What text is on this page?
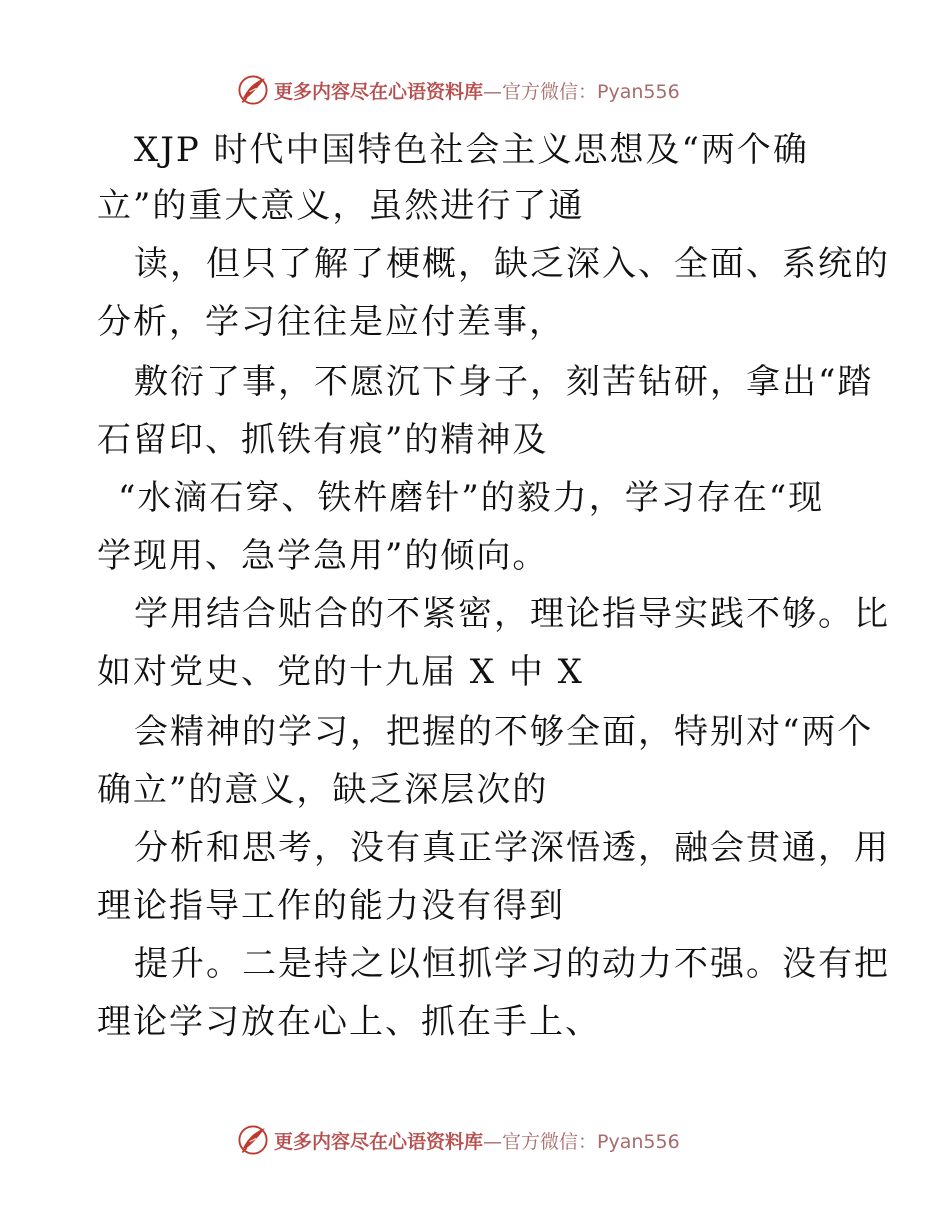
更多内容尽在心语资料库—官方微信：Pyan556
XJP 时代中国特色社会主义思想及“两个确
立”的重大意义，虽然进行了通
读，但只了解了梗概，缺乏深入、全面、系统的
分析，学习往往是应付差事，
敷衍了事，不愿沉下身子，刻苦钻研，拿出“踏
石留印、抓铁有痕”的精神及
“水滴石穿、铁杵磨针”的毅力，学习存在“现
学现用、急学急用”的倾向。
学用结合贴合的不紧密，理论指导实践不够。比
如对党史、党的十九届 X 中 X
会精神的学习，把握的不够全面，特别对“两个
确立”的意义，缺乏深层次的
分析和思考，没有真正学深悟透，融会贯通，用
理论指导工作的能力没有得到
提升。二是持之以恒抓学习的动力不强。没有把
理论学习放在心上、抓在手上、
更多内容尽在心语资料库—官方微信：Pyan556
